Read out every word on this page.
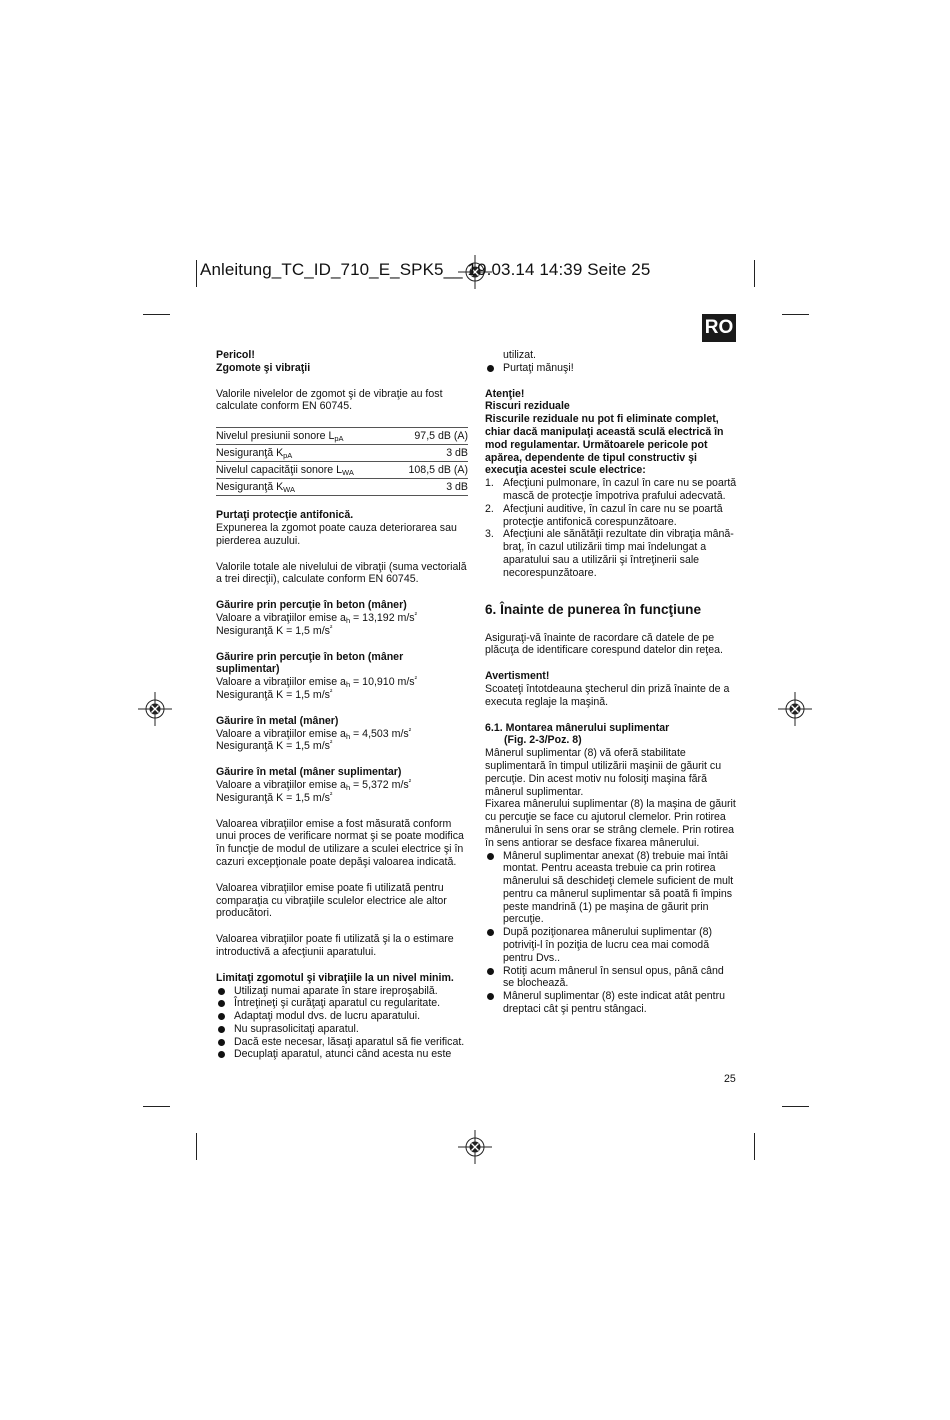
Anleitung_TC_ID_710_E_SPK5__ 19.03.14 14:39 Seite 25
RO

Pericol!

Zgomote şi vibraţii

Valorile nivelelor de zgomot şi de vibraţie au fost calculate conform EN 60745.

Nivelul presiunii sonore $L_{pA}$	97,5 dB (A)
Nesiguranţă $K_{pA}$	3 dB
Nivelul capacităţii sonore $L_{WA}$	108,5 dB (A)
Nesiguranţă $K_{WA}$	3 dB

Purtaţi protecţie antifonică.

Expunerea la zgomot poate cauza deteriorarea sau pierderea auzului.

Valorile totale ale nivelului de vibraţii (suma vectorială a trei direcţii), calculate conform EN 60745.

Găurire prin percuţie în beton (mâner)

Valoare a vibraţiilor emise $a_h = 13,192$ $m/s^{^2}$

Nesiguranţă K = 1,5 $m/s^{^2}$

Găurire prin percuţie în beton (mâner suplimentar)

Valoare a vibraţiilor emise $a_h = 10,910$ $m/s^{^2}$

Nesiguranţă K = 1,5 $m/s^{^2}$

Găurire în metal (mâner)

Valoare a vibraţiilor emise $a_h = 4,503$ $m/s^{^2}$

Nesiguranţă K = 1,5 $m/s^{^2}$

Găurire în metal (mâner suplimentar)

Valoare a vibraţiilor emise $a_h = 5,372$ $m/s^{^2}$

Nesiguranţă K = 1,5 $m/s^{^2}$

Valoarea vibraţiilor emise a fost măsurată conform unui proces de verificare normat şi se poate modifica în funcţie de modul de utilizare a sculei electrice şi în cazuri excepţionale poate depăşi valoarea indicată.

Valoarea vibraţiilor emise poate fi utilizată pentru comparaţia cu vibraţiile sculelor electrice ale altor producători.

Valoarea vibraţiilor poate fi utilizată şi la o estimare introductivă a afecţiunii aparatului.

Limitaţi zgomotul şi vibraţiile la un nivel minim.

Utilizaţi numai aparate în stare ireproşabilă.
Întreţineţi şi curăţaţi aparatul cu regularitate.
Adaptaţi modul dvs. de lucru aparatului.
Nu suprasolicitaţi aparatul.
Dacă este necesar, lăsaţi aparatul să fie verificat.
Decuplaţi aparatul, atunci când acesta nu este

utilizat.

Purtaţi mănuşi!

Atenţie!

Riscuri reziduale

Riscurile reziduale nu pot fi eliminate complet, chiar dacă manipulaţi această sculă electrică în mod regulamentar. Următoarele pericole pot apărea, dependente de tipul constructiv şi execuţia acestei scule electrice:

1. Afecţiuni pulmonare, în cazul în care nu se poartă mască de protecţie împotriva prafului adecvată.
2. Afecţiuni auditive, în cazul în care nu se poartă protecţie antifonică corespunzătoare.
3. Afecţiuni ale sănătăţii rezultate din vibraţia mână-braţ, în cazul utilizării timp mai îndelungat a aparatului sau a utilizării şi întreţinerii sale necorespunzătoare.

6. Înainte de punerea în funcţiune

Asiguraţi-vă înainte de racordare că datele de pe plăcuţa de identificare corespund datelor din reţea.

Avertisment!

Scoateţi întotdeauna ştecherul din priză înainte de a executa reglaje la maşină.

6.1. Montarea mânerului suplimentar

(Fig. 2-3/Poz. 8)

Mânerul suplimentar (8) vă oferă stabilitate suplimentară în timpul utilizării maşinii de găurit cu percuţie. Din acest motiv nu folosiţi maşina fără mânerul suplimentar.

Fixarea mânerului suplimentar (8) la maşina de găurit cu percuţie se face cu ajutorul clemelor. Prin rotirea mânerului în sens orar se strâng clemele. Prin rotirea în sens antiorar se desface fixarea mânerului.

Mânerul suplimentar anexat (8) trebuie mai întâi montat. Pentru aceasta trebuie ca prin rotirea mânerului să deschideţi clemele suficient de mult pentru ca mânerul suplimentar să poată fi împins peste mandrină (1) pe maşina de găurit prin percuţie.
După poziţionarea mânerului suplimentar (8) potriviţi-l în poziţia de lucru cea mai comodă pentru Dvs..
Rotiţi acum mânerul în sensul opus, până când se blochează.
Mânerul suplimentar (8) este indicat atât pentru dreptaci cât şi pentru stângaci.
25
